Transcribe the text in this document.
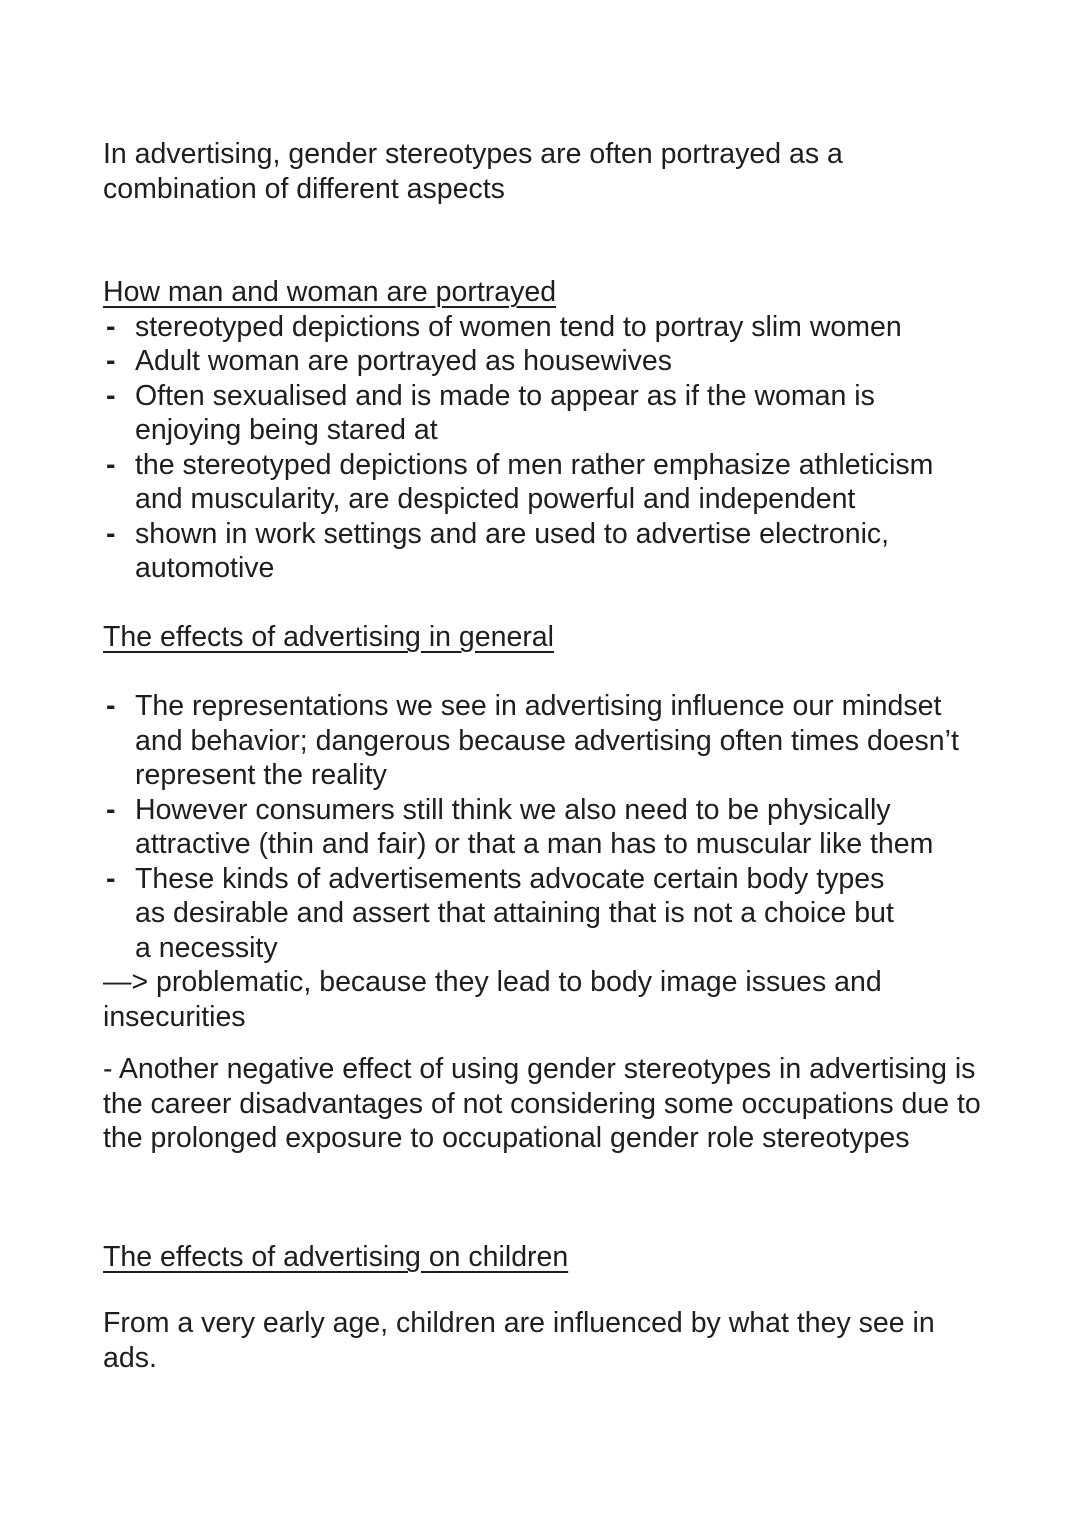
In advertising, gender stereotypes are often portrayed as a combination of different aspects

How man and woman are portrayed

- stereotyped depictions of women tend to portray slim women
- Adult woman are portrayed as housewives
- Often sexualised and is made to appear as if the woman is enjoying being stared at
- the stereotyped depictions of men rather emphasize athleticism and muscularity, are despicted powerful and independent
- shown in work settings and are used to advertise electronic, automotive

The effects of advertising in general

- The representations we see in advertising influence our mindset and behavior; dangerous because advertising often times doesn’t represent the reality
- However consumers still think we also need to be physically attractive (thin and fair) or that a man has to muscular like them
- These kinds of advertisements advocate certain body types as desirable and assert that attaining that is not a choice but a necessity

—> problematic, because they lead to body image issues and insecurities

- Another negative effect of using gender stereotypes in advertising is the career disadvantages of not considering some occupations due to the prolonged exposure to occupational gender role stereotypes

The effects of advertising on children

From a very early age, children are influenced by what they see in ads.
